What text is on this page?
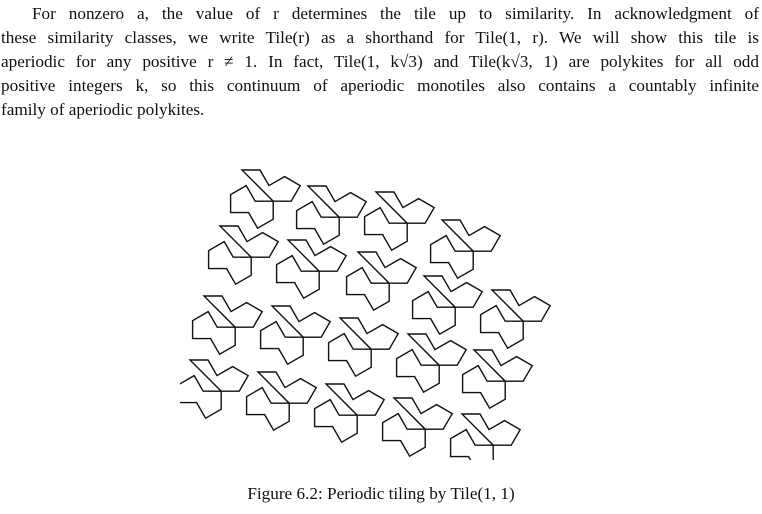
For nonzero a, the value of r determines the tile up to similarity. In acknowledgment of
these similarity classes, we write Tile(r) as a shorthand for Tile(1, r). We will show this tile is
aperiodic for any positive r ≠ 1. In fact, Tile(1, k√3) and Tile(k√3, 1) are polykites for all odd
positive integers k, so this continuum of aperiodic monotiles also contains a countably infinite
family of aperiodic polykites.
Figure 6.2: Periodic tiling by Tile(1, 1)
